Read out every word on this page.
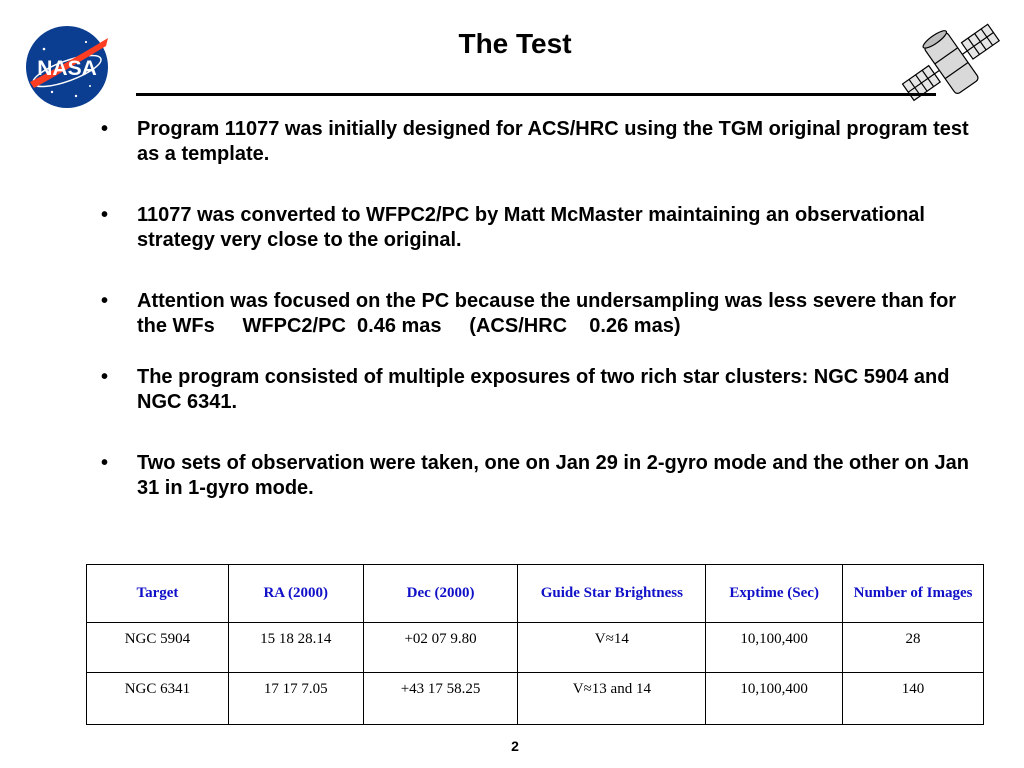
NASA
The Test
• Program 11077 was initially designed for ACS/HRC using the TGM original program test as a template.
• 11077 was converted to WFPC2/PC by Matt McMaster maintaining an observational strategy very close to the original.
• Attention was focused on the PC because the undersampling was less severe than for the WFs     WFPC2/PC  0.46 mas     (ACS/HRC    0.26 mas)
• The program consisted of multiple exposures of two rich star clusters: NGC 5904 and NGC 6341.
• Two sets of observation were taken, one on Jan 29 in 2-gyro mode and the other on Jan 31 in 1-gyro mode.
Target	RA (2000)	Dec (2000)	Guide Star Brightness	Exptime (Sec)	Number of Images
NGC 5904	15 18 28.14	+02 07 9.80	V≈14	10,100,400	28
NGC 6341	17 17 7.05	+43 17 58.25	V≈13 and 14	10,100,400	140
2
